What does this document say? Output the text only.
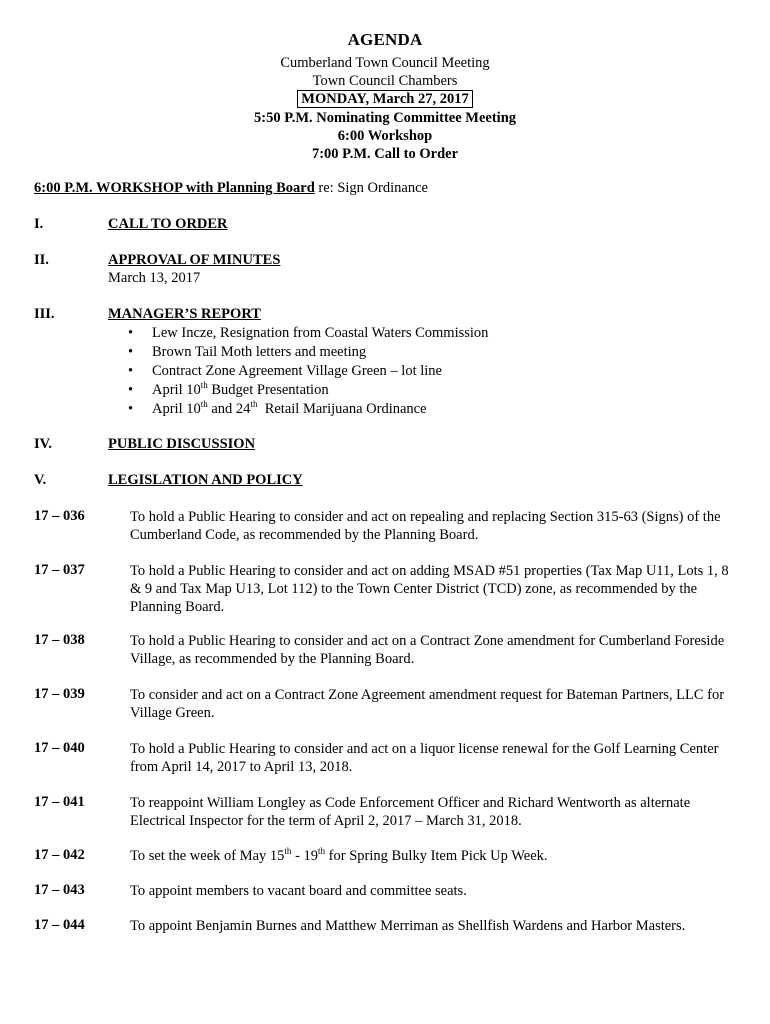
AGENDA
Cumberland Town Council Meeting
Town Council Chambers
MONDAY, March 27, 2017
5:50 P.M. Nominating Committee Meeting
6:00 Workshop
7:00 P.M. Call to Order
6:00 P.M. WORKSHOP with Planning Board re: Sign Ordinance
I.	CALL TO ORDER
II.	APPROVAL OF MINUTES
March 13, 2017
III.	MANAGER’S REPORT
• Lew Incze, Resignation from Coastal Waters Commission
• Brown Tail Moth letters and meeting
• Contract Zone Agreement Village Green – lot line
• April 10th Budget Presentation
• April 10th and 24th  Retail Marijuana Ordinance
IV.	PUBLIC DISCUSSION
V.	LEGISLATION AND POLICY
17 – 036	To hold a Public Hearing to consider and act on repealing and replacing Section 315-63 (Signs) of the Cumberland Code, as recommended by the Planning Board.
17 – 037	To hold a Public Hearing to consider and act on adding MSAD #51 properties (Tax Map U11, Lots 1, 8 & 9 and Tax Map U13, Lot 112) to the Town Center District (TCD) zone, as recommended by the Planning Board.
17 – 038	To hold a Public Hearing to consider and act on a Contract Zone amendment for Cumberland Foreside Village, as recommended by the Planning Board.
17 – 039	To consider and act on a Contract Zone Agreement amendment request for Bateman Partners, LLC for Village Green.
17 – 040	To hold a Public Hearing to consider and act on a liquor license renewal for the Golf Learning Center from April 14, 2017 to April 13, 2018.
17 – 041	To reappoint William Longley as Code Enforcement Officer and Richard Wentworth as alternate Electrical Inspector for the term of April 2, 2017 – March 31, 2018.
17 – 042	To set the week of May 15th - 19th for Spring Bulky Item Pick Up Week.
17 – 043	To appoint members to vacant board and committee seats.
17 – 044	To appoint Benjamin Burnes and Matthew Merriman as Shellfish Wardens and Harbor Masters.
